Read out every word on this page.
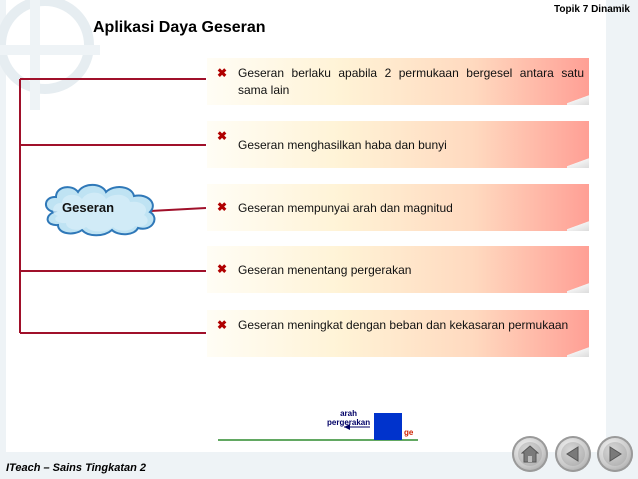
Topik 7 Dinamik
Aplikasi Daya Geseran
Geseran
✖ Geseran berlaku apabila 2 permukaan bergesel antara satu sama lain
✖
Geseran menghasilkan haba dan bunyi
✖ Geseran mempunyai arah dan magnitud
✖ Geseran menentang pergerakan
✖ Geseran meningkat dengan beban dan kekasaran permukaan
arah
pergerakan
ge
ITeach – Sains Tingkatan 2
